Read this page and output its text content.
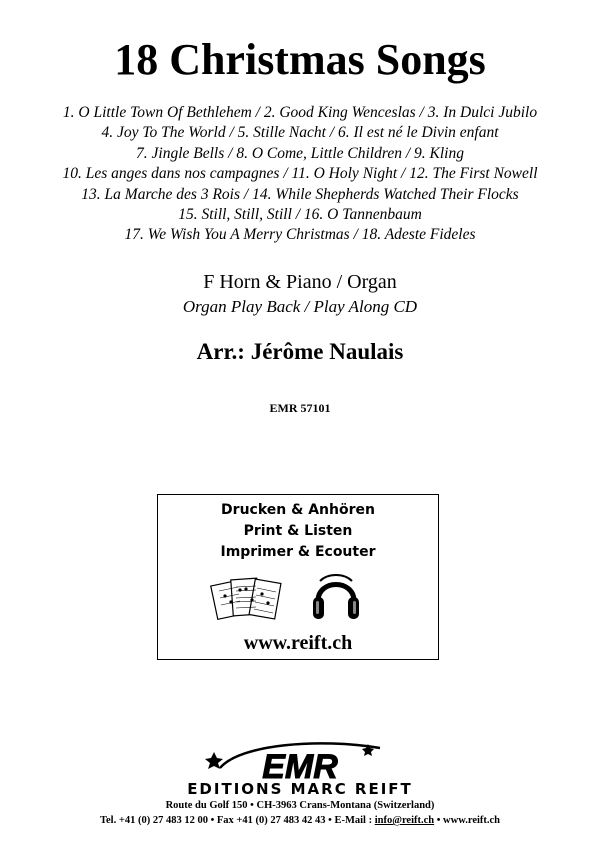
18 Christmas Songs
1. O Little Town Of Bethlehem / 2. Good King Wenceslas / 3. In Dulci Jubilo
4. Joy To The World / 5. Stille Nacht / 6. Il est né le Divin enfant
7. Jingle Bells / 8. O Come, Little Children / 9. Kling
10. Les anges dans nos campagnes / 11. O Holy Night / 12. The First Nowell
13. La Marche des 3 Rois / 14. While Shepherds Watched Their Flocks
15. Still, Still, Still / 16. O Tannenbaum
17. We Wish You A Merry Christmas / 18. Adeste Fideles
F Horn & Piano / Organ
Organ Play Back / Play Along CD
Arr.: Jérôme Naulais
EMR 57101
Drucken & Anhören
Print & Listen
Imprimer & Ecouter
www.reift.ch
EMR
EDITIONS MARC REIFT
Route du Golf 150 • CH-3963 Crans-Montana (Switzerland)
Tel. +41 (0) 27 483 12 00 • Fax +41 (0) 27 483 42 43 • E-Mail : info@reift.ch • www.reift.ch
